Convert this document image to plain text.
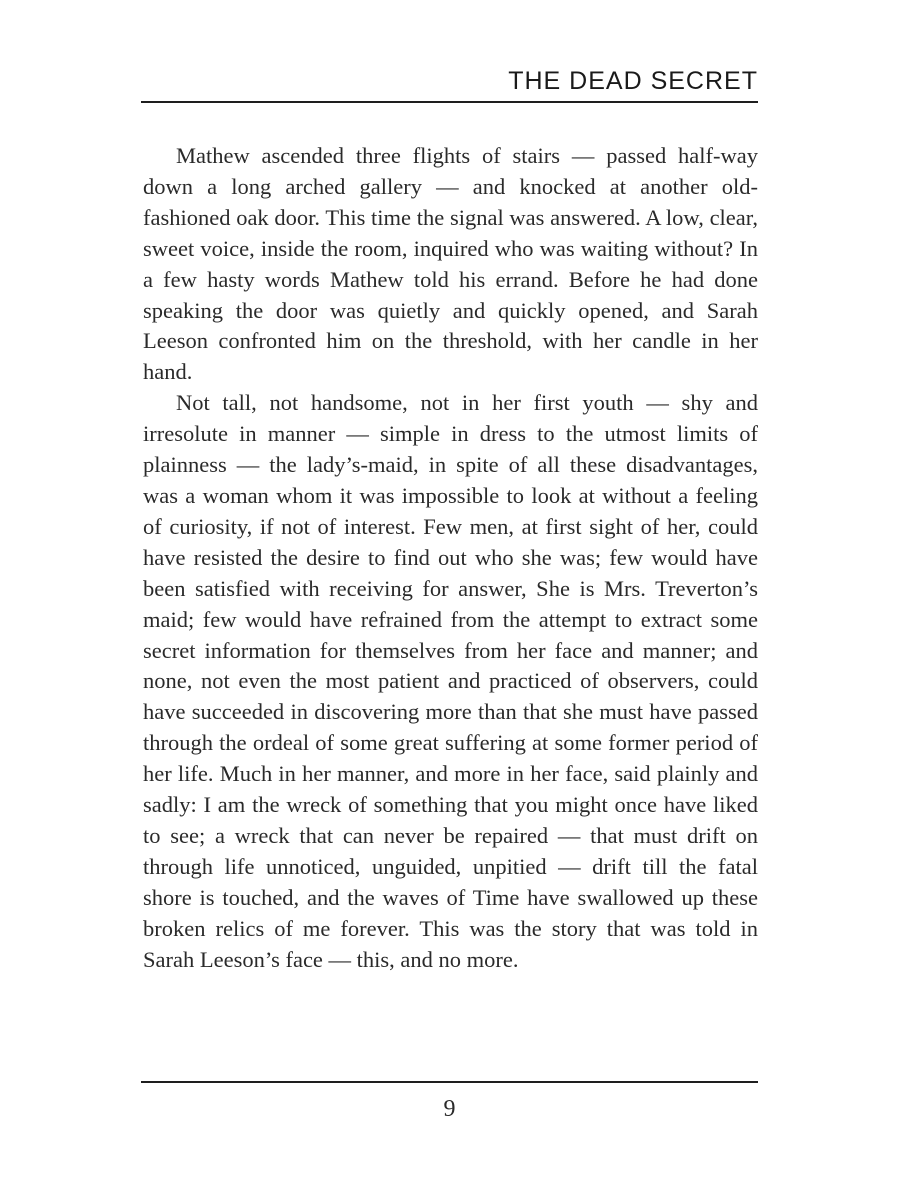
THE DEAD SECRET

Mathew ascended three flights of stairs — passed half-way down a long arched gallery — and knocked at another old-fashioned oak door. This time the signal was answered. A low, clear, sweet voice, inside the room, inquired who was waiting without? In a few hasty words Mathew told his errand. Before he had done speaking the door was quietly and quickly opened, and Sarah Leeson confronted him on the threshold, with her candle in her hand.

Not tall, not handsome, not in her first youth — shy and irresolute in manner — simple in dress to the utmost limits of plainness — the lady’s-maid, in spite of all these disadvantages, was a woman whom it was impossible to look at without a feeling of curiosity, if not of interest. Few men, at first sight of her, could have resisted the desire to find out who she was; few would have been satisfied with receiving for answer, She is Mrs. Treverton’s maid; few would have refrained from the attempt to extract some secret information for themselves from her face and manner; and none, not even the most patient and practiced of observers, could have succeeded in discovering more than that she must have passed through the ordeal of some great suffering at some former period of her life. Much in her manner, and more in her face, said plainly and sadly: I am the wreck of something that you might once have liked to see; a wreck that can never be repaired — that must drift on through life unnoticed, unguided, unpitied — drift till the fatal shore is touched, and the waves of Time have swallowed up these broken relics of me forever. This was the story that was told in Sarah Leeson’s face — this, and no more.

9
